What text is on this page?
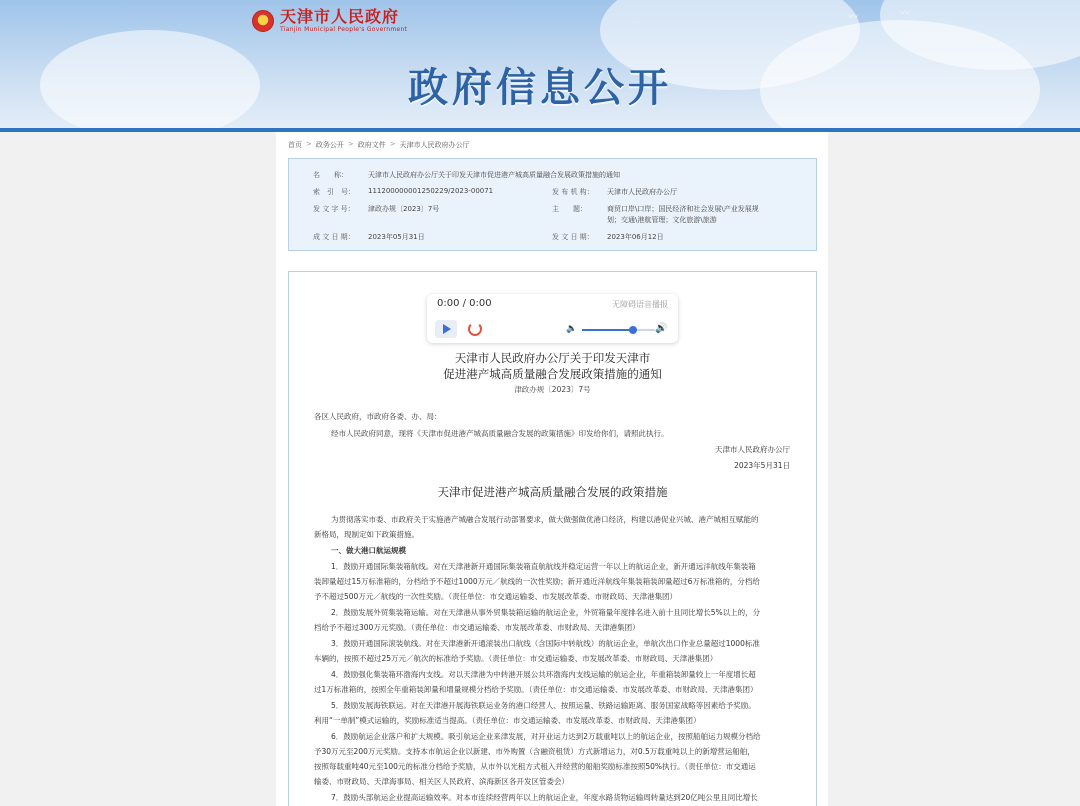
〰	〰
天津市人民政府
Tianjin Municipal People's Government
政府信息公开
首页 > 政务公开 > 政府文件 > 天津市人民政府办公厅
名　　称：	天津市人民政府办公厅关于印发天津市促进港产城高质量融合发展政策措施的通知
索　引　号：	111200000001250229/2023-00071	发 布 机 构：	天津市人民政府办公厅
发 文 字 号：	津政办规〔2023〕7号	主　　题：	商贸口岸\口岸；国民经济和社会发展\产业发展规
划；交通\港航管理；文化旅游\旅游
成 文 日 期：	2023年05月31日	发 文 日 期：	2023年06月12日
0:00 / 0:00	无障碍语音播报
🔈	🔊
天津市人民政府办公厅关于印发天津市
促进港产城高质量融合发展政策措施的通知
津政办规〔2023〕7号
各区人民政府，市政府各委、办、局：
经市人民政府同意，现将《天津市促进港产城高质量融合发展的政策措施》印发给你们，请照此执行。
天津市人民政府办公厅
2023年5月31日
天津市促进港产城高质量融合发展的政策措施
为贯彻落实市委、市政府关于实施港产城融合发展行动部署要求，做大做强做优港口经济，构建以港促业兴城、港产城相互赋能的
新格局，现制定如下政策措施。
一、做大港口航运规模
1．鼓励开通国际集装箱航线。对在天津港新开通国际集装箱直航航线并稳定运营一年以上的航运企业，新开通远洋航线年集装箱
装卸量超过15万标准箱的，分档给予不超过1000万元／航线的一次性奖励；新开通近洋航线年集装箱装卸量超过6万标准箱的，分档给
予不超过500万元／航线的一次性奖励。（责任单位：市交通运输委、市发展改革委、市财政局、天津港集团）
2．鼓励发展外贸集装箱运输。对在天津港从事外贸集装箱运输的航运企业，外贸箱量年度排名进入前十且同比增长5%以上的，分
档给予不超过300万元奖励。（责任单位：市交通运输委、市发展改革委、市财政局、天津港集团）
3．鼓励开通国际滚装航线。对在天津港新开通滚装出口航线（含国际中转航线）的航运企业，单航次出口作业总量超过1000标准
车辆的，按照不超过25万元／航次的标准给予奖励。（责任单位：市交通运输委、市发展改革委、市财政局、天津港集团）
4．鼓励强化集装箱环渤海内支线。对以天津港为中转港开展公共环渤海内支线运输的航运企业，年重箱装卸量较上一年度增长超
过1万标准箱的，按照全年重箱装卸量和增量规模分档给予奖励。（责任单位：市交通运输委、市发展改革委、市财政局、天津港集团）
5．鼓励发展海铁联运。对在天津港开展海铁联运业务的港口经营人、按照运量、铁路运输距离、服务国家战略等因素给予奖励。
利用“一单制”模式运输的，奖励标准适当提高。（责任单位：市交通运输委、市发展改革委、市财政局、天津港集团）
6．鼓励航运企业落户和扩大规模。吸引航运企业来津发展，对开业运力达到2万载重吨以上的航运企业，按照船舶运力规模分档给
予30万元至200万元奖励。支持本市航运企业以新建、市外购置（含融资租赁）方式新增运力，对0.5万载重吨以上的新增营运船舶，
按照每载重吨40元至100元的标准分档给予奖励，从市外以光租方式租入并经营的船舶奖励标准按照50%执行。（责任单位：市交通运
输委、市财政局、天津海事局、相关区人民政府、滨海新区各开发区管委会）
7．鼓励头部航运企业提高运输效率。对本市连续经营两年以上的航运企业，年度水路货物运输周转量达到20亿吨公里且同比增长
